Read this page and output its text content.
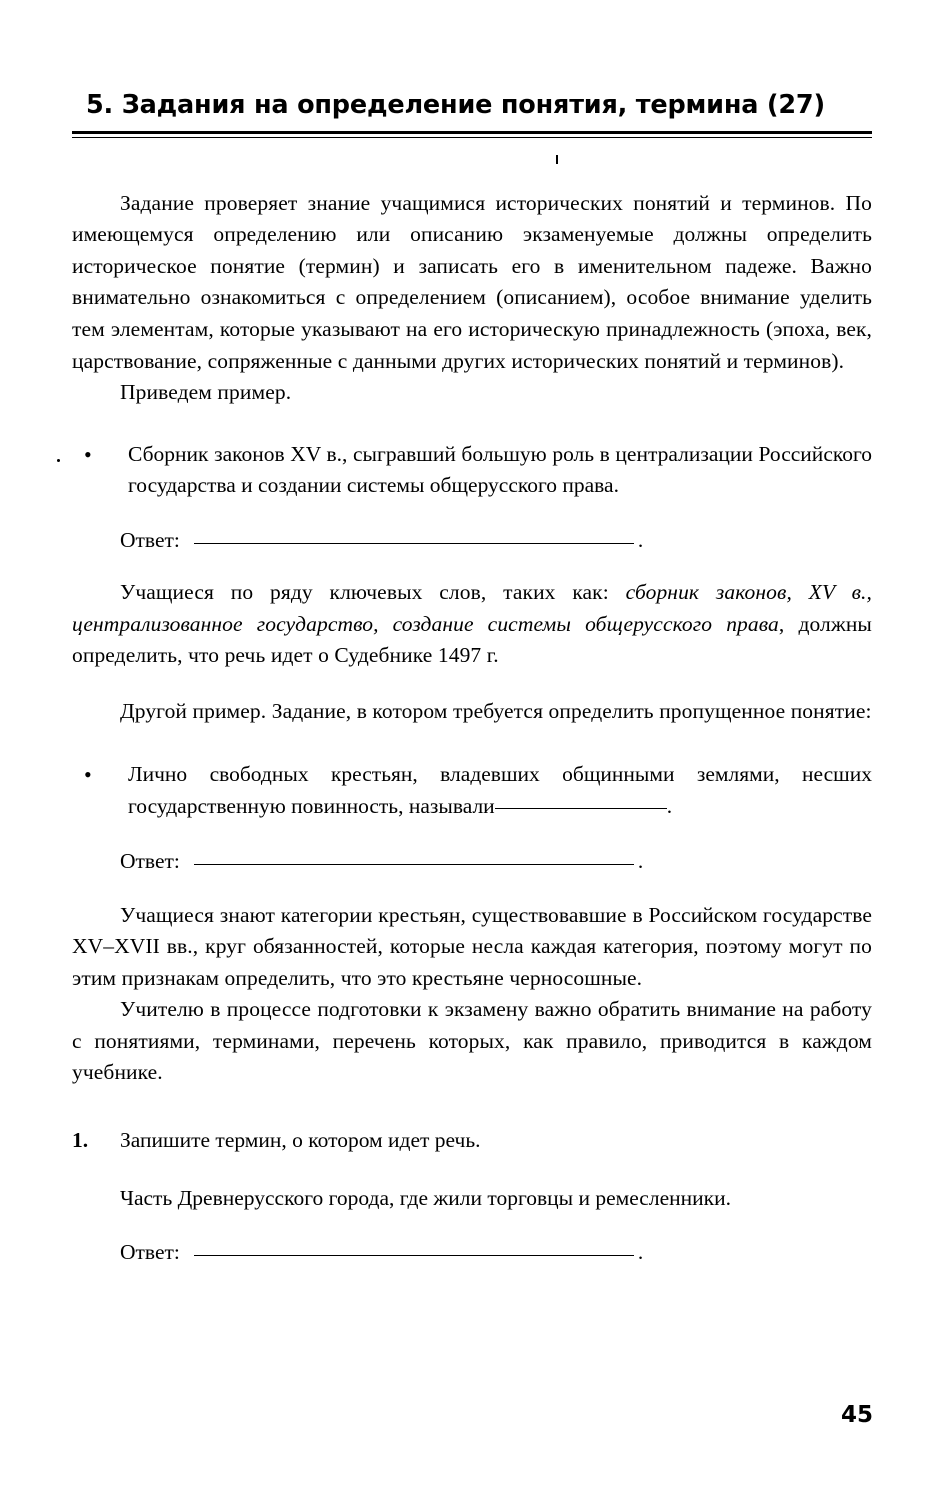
5. Задания на определение понятия, термина (27)

Задание проверяет знание учащимися исторических понятий и терминов. По имеющемуся определению или описанию экзаменуемые должны определить историческое понятие (термин) и записать его в именительном падеже. Важно внимательно ознакомиться с определением (описанием), особое внимание уделить тем элементам, которые указывают на его историческую принадлежность (эпоха, век, царствование, сопряженные с данными других исторических понятий и терминов).

Приведем пример.

•	Сборник законов XV в., сыгравший большую роль в централизации Российского государства и создании системы общерусского права.
Ответ:	.

Учащиеся по ряду ключевых слов, таких как: сборник законов, XV в., централизованное государство, создание системы общерусского права, должны определить, что речь идет о Судебнике 1497 г.

Другой пример. Задание, в котором требуется определить пропущенное понятие:

•	Лично свободных крестьян, владевших общинными землями, несших государственную повинность, называли	.
Ответ:	.

Учащиеся знают категории крестьян, существовавшие в Российском государстве XV–XVII вв., круг обязанностей, которые несла каждая категория, поэтому могут по этим признакам определить, что это крестьяне черносошные.

Учителю в процессе подготовки к экзамену важно обратить внимание на работу с понятиями, терминами, перечень которых, как правило, приводится в каждом учебнике.

1.	Запишите термин, о котором идет речь.

Часть Древнерусского города, где жили торговцы и ремесленники.

Ответ:	.
45
